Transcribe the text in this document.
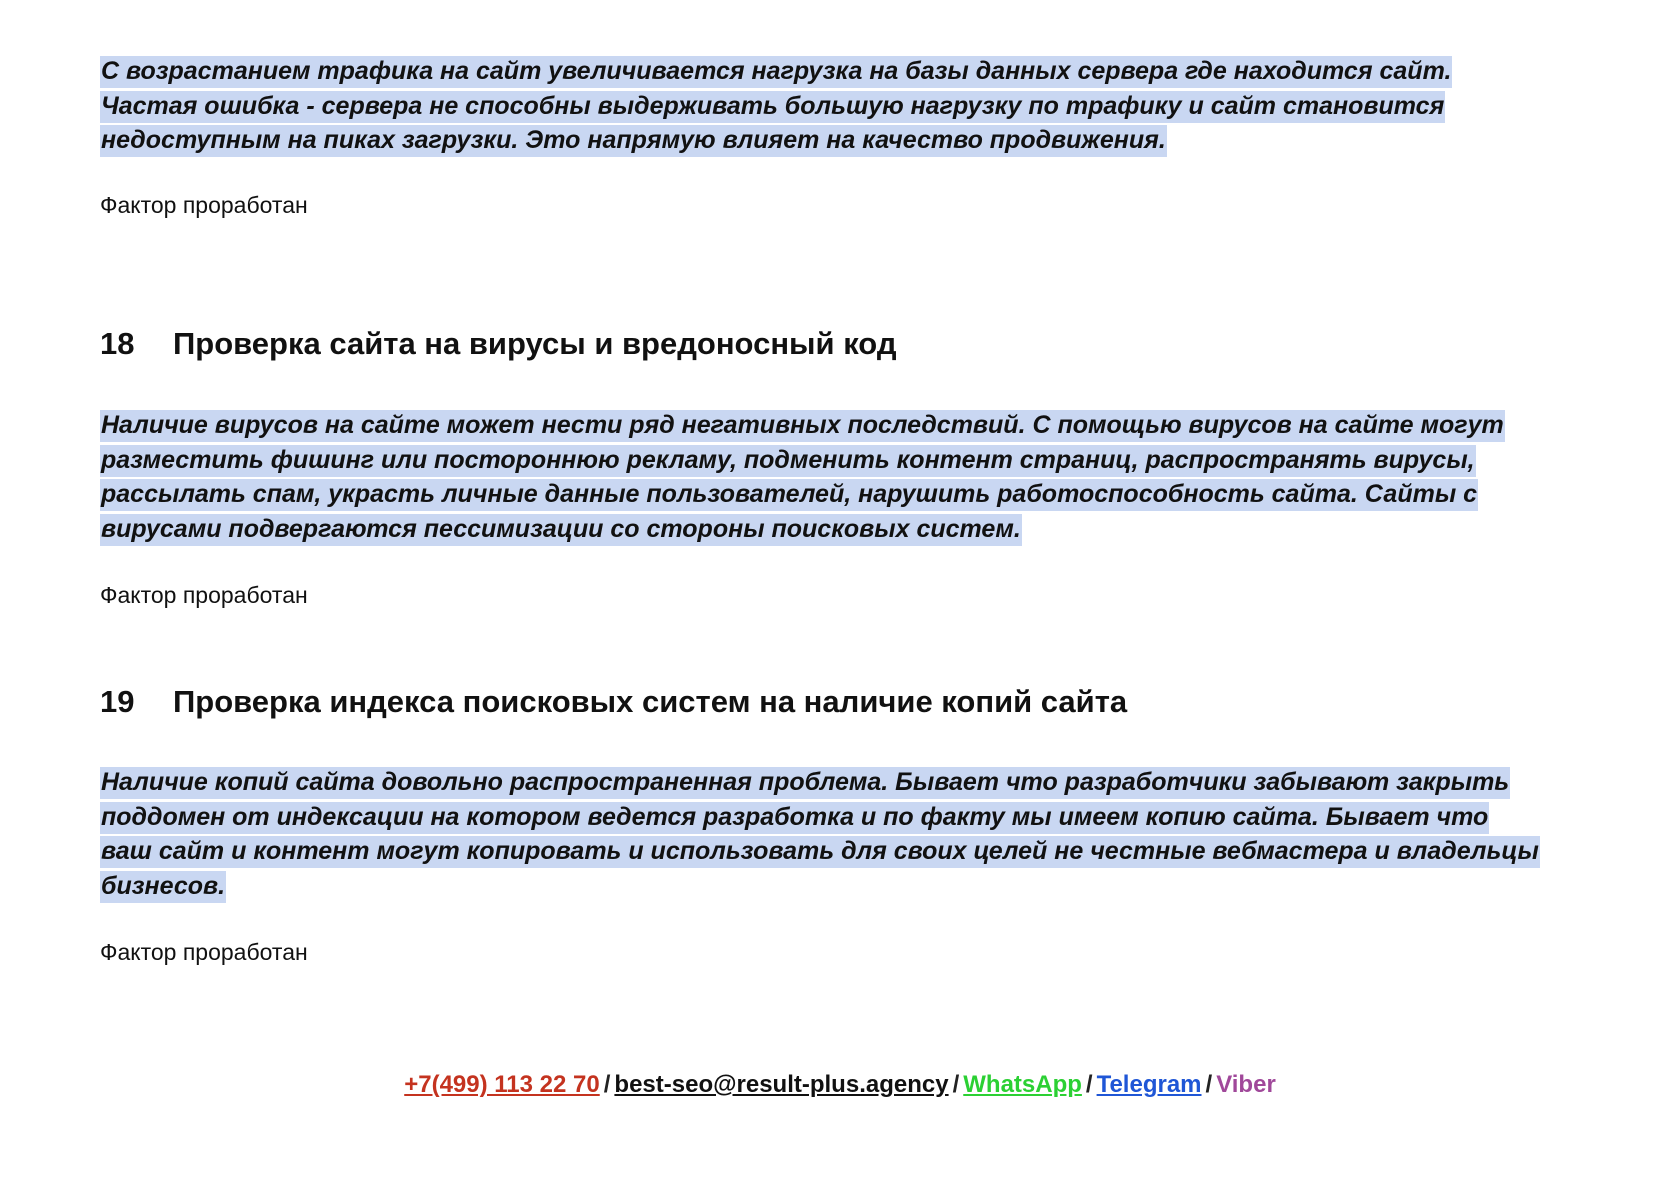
С возрастанием трафика на сайт увеличивается нагрузка на базы данных сервера где находится сайт. Частая ошибка - сервера не способны выдерживать большую нагрузку по трафику и сайт становится недоступным на пиках загрузки. Это напрямую влияет на качество продвижения.

Фактор проработан

18	Проверка сайта на вирусы и вредоносный код

Наличие вирусов на сайте может нести ряд негативных последствий. С помощью вирусов на сайте могут разместить фишинг или постороннюю рекламу, подменить контент страниц, распространять вирусы, рассылать спам, украсть личные данные пользователей, нарушить работоспособность сайта. Сайты с вирусами подвергаются пессимизации со стороны поисковых систем.

Фактор проработан

19	Проверка индекса поисковых систем на наличие копий сайта

Наличие копий сайта довольно распространенная проблема. Бывает что разработчики забывают закрыть поддомен от индексации на котором ведется разработка и по факту мы имеем копию сайта. Бывает что ваш сайт и контент могут копировать и использовать для своих целей не честные вебмастера и владельцы бизнесов.

Фактор проработан

+7(499) 113 22 70 / best-seo@result-plus.agency / WhatsApp / Telegram / Viber
